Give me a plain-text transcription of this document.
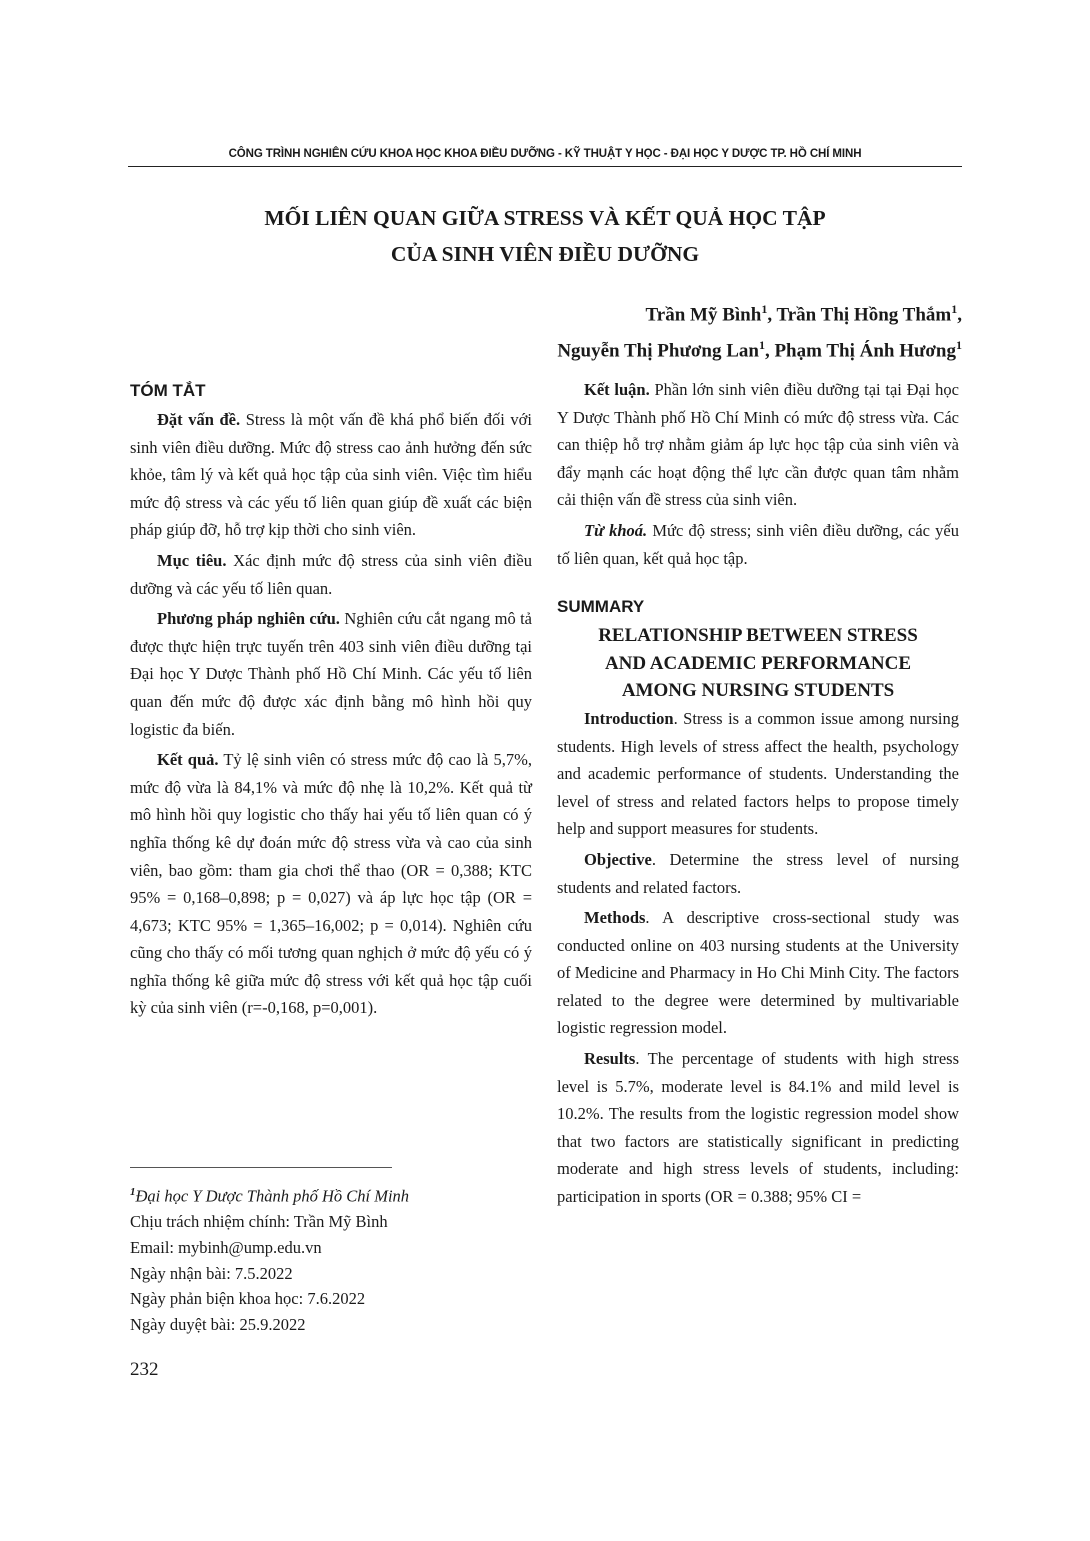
CÔNG TRÌNH NGHIÊN CỨU KHOA HỌC KHOA ĐIỀU DƯỠNG - KỸ THUẬT Y HỌC - ĐẠI HỌC Y DƯỢC TP. HỒ CHÍ MINH
MỐI LIÊN QUAN GIỮA STRESS VÀ KẾT QUẢ HỌC TẬP
CỦA SINH VIÊN ĐIỀU DƯỠNG
Trần Mỹ Bình$^1$, Trần Thị Hồng Thắm$^1$,
Nguyễn Thị Phương Lan$^1$, Phạm Thị Ánh Hương$^1$
TÓM TẮT

Đặt vấn đề. Stress là một vấn đề khá phổ biến đối với sinh viên điều dưỡng. Mức độ stress cao ảnh hưởng đến sức khỏe, tâm lý và kết quả học tập của sinh viên. Việc tìm hiểu mức độ stress và các yếu tố liên quan giúp đề xuất các biện pháp giúp đỡ, hỗ trợ kịp thời cho sinh viên.

Mục tiêu. Xác định mức độ stress của sinh viên điều dưỡng và các yếu tố liên quan.

Phương pháp nghiên cứu. Nghiên cứu cắt ngang mô tả được thực hiện trực tuyến trên 403 sinh viên điều dưỡng tại Đại học Y Dược Thành phố Hồ Chí Minh. Các yếu tố liên quan đến mức độ được xác định bằng mô hình hồi quy logistic đa biến.

Kết quả. Tỷ lệ sinh viên có stress mức độ cao là 5,7%, mức độ vừa là 84,1% và mức độ nhẹ là 10,2%. Kết quả từ mô hình hồi quy logistic cho thấy hai yếu tố liên quan có ý nghĩa thống kê dự đoán mức độ stress vừa và cao của sinh viên, bao gồm: tham gia chơi thể thao (OR = 0,388; KTC 95% = 0,168–0,898; p = 0,027) và áp lực học tập (OR = 4,673; KTC 95% = 1,365–16,002; p = 0,014). Nghiên cứu cũng cho thấy có mối tương quan nghịch ở mức độ yếu có ý nghĩa thống kê giữa mức độ stress với kết quả học tập cuối kỳ của sinh viên (r=-0,168, p=0,001).

Kết luận. Phần lớn sinh viên điều dưỡng tại tại Đại học Y Dược Thành phố Hồ Chí Minh có mức độ stress vừa. Các can thiệp hỗ trợ nhằm giảm áp lực học tập của sinh viên và đẩy mạnh các hoạt động thể lực cần được quan tâm nhằm cải thiện vấn đề stress của sinh viên.

Từ khoá. Mức độ stress; sinh viên điều dưỡng, các yếu tố liên quan, kết quả học tập.

SUMMARY

RELATIONSHIP BETWEEN STRESS

AND ACADEMIC PERFORMANCE

AMONG NURSING STUDENTS

Introduction. Stress is a common issue among nursing students. High levels of stress affect the health, psychology and academic performance of students. Understanding the level of stress and related factors helps to propose timely help and support measures for students.

Objective. Determine the stress level of nursing students and related factors.

Methods. A descriptive cross-sectional study was conducted online on 403 nursing students at the University of Medicine and Pharmacy in Ho Chi Minh City. The factors related to the degree were determined by multivariable logistic regression model.

Results. The percentage of students with high stress level is 5.7%, moderate level is 84.1% and mild level is 10.2%. The results from the logistic regression model show that two factors are statistically significant in predicting moderate and high stress levels of students, including: participation in sports (OR = 0.388; 95% CI =

$^1$Đại học Y Dược Thành phố Hồ Chí Minh
Chịu trách nhiệm chính: Trần Mỹ Bình
Email: mybinh@ump.edu.vn
Ngày nhận bài: 7.5.2022
Ngày phản biện khoa học: 7.6.2022
Ngày duyệt bài: 25.9.2022
232
